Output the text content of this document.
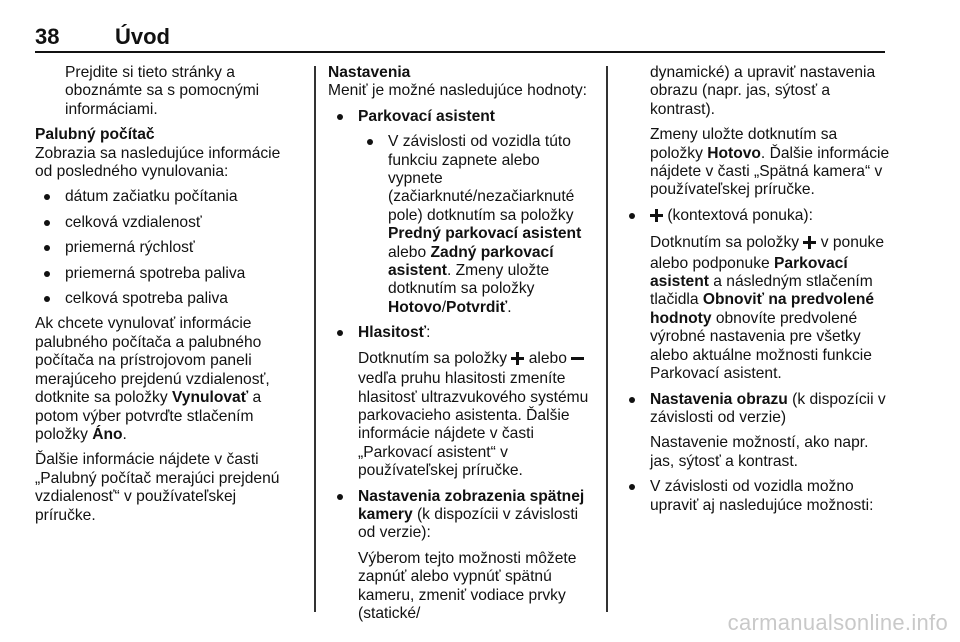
38	Úvod

Prejdite si tieto stránky a oboznámte sa s pomocnými informáciami.

Palubný počítač

Zobrazia sa nasledujúce informácie od posledného vynulovania:

dátum začiatku počítania

celková vzdialenosť

priemerná rýchlosť

priemerná spotreba paliva

celková spotreba paliva

Ak chcete vynulovať informácie palubného počítača a palubného počítača na prístrojovom paneli merajúceho prejdenú vzdialenosť, dotknite sa položky Vynulovať a potom výber potvrďte stlačením položky Áno.

Ďalšie informácie nájdete v časti „Palubný počítač merajúci prejdenú vzdialenosť“ v používateľskej príručke.

Nastavenia

Meniť je možné nasledujúce hodnoty:

Parkovací asistent

V závislosti od vozidla túto funkciu zapnete alebo vypnete (začiarknuté/nezačiarknuté pole) dotknutím sa položky Predný parkovací asistent alebo Zadný parkovací asistent. Zmeny uložte dotknutím sa položky Hotovo/Potvrdiť.

Hlasitosť:

Dotknutím sa položky  alebo  vedľa pruhu hlasitosti zmeníte hlasitosť ultrazvukového systému parkovacieho asistenta. Ďalšie informácie nájdete v časti „Parkovací asistent“ v používateľskej príručke.

Nastavenia zobrazenia spätnej kamery (k dispozícii v závislosti od verzie):

Výberom tejto možnosti môžete zapnúť alebo vypnúť spätnú kameru, zmeniť vodiace prvky (statické/

dynamické) a upraviť nastavenia obrazu (napr. jas, sýtosť a kontrast).

Zmeny uložte dotknutím sa položky Hotovo. Ďalšie informácie nájdete v časti „Spätná kamera“ v používateľskej príručke.

(kontextová ponuka):

Dotknutím sa položky  v ponuke alebo podponuke Parkovací asistent a následným stlačením tlačidla Obnoviť na predvolené hodnoty obnovíte predvolené výrobné nastavenia pre všetky alebo aktuálne možnosti funkcie Parkovací asistent.

Nastavenia obrazu (k dispozícii v závislosti od verzie)

Nastavenie možností, ako napr. jas, sýtosť a kontrast.

V závislosti od vozidla možno upraviť aj nasledujúce možnosti:

carmanualsonline.info
